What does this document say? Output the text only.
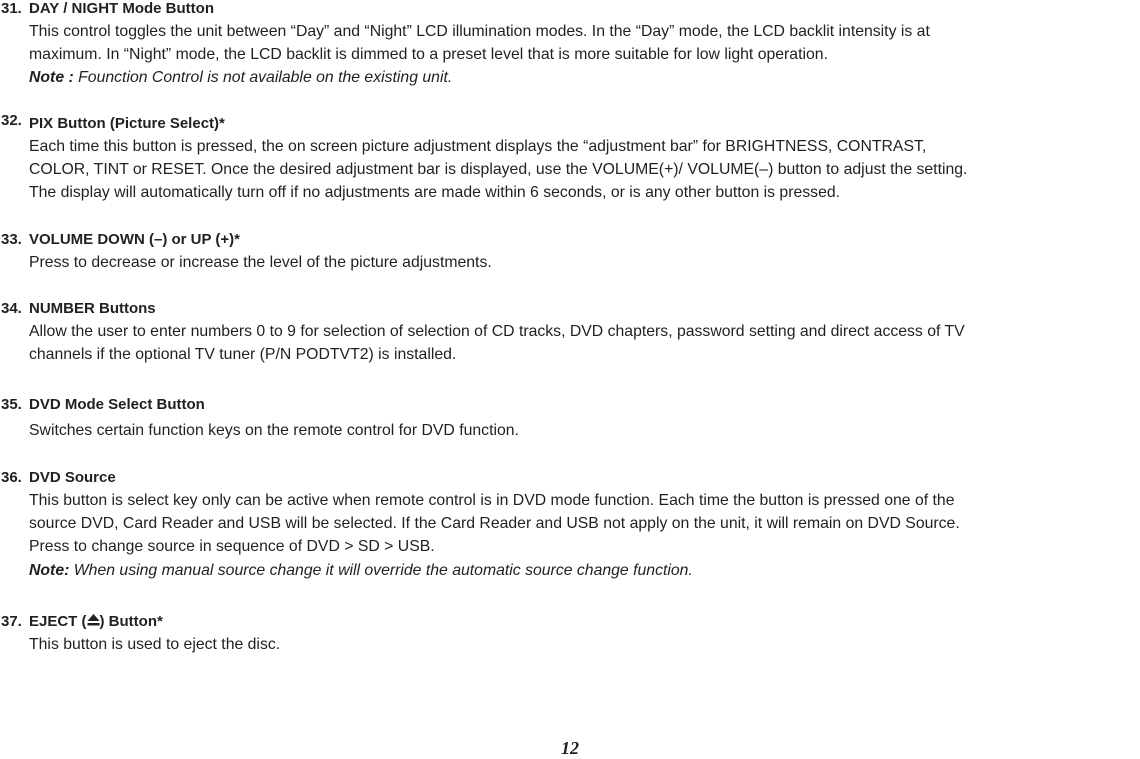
31. DAY / NIGHT Mode Button
This control toggles the unit between “Day” and “Night” LCD illumination modes. In the “Day” mode, the LCD backlit intensity is at
maximum. In “Night” mode, the LCD backlit is dimmed to a preset level that is more suitable for low light operation.
Note : Founction Control is not available on the existing unit.
32. PIX Button (Picture Select)*
Each time this button is pressed, the on screen picture adjustment displays the “adjustment bar” for BRIGHTNESS, CONTRAST,
COLOR, TINT or RESET. Once the desired adjustment bar is displayed, use the VOLUME(+)/ VOLUME(–) button to adjust the setting.
The display will automatically turn off if no adjustments are made within 6 seconds, or is any other button is pressed.
33. VOLUME DOWN (–) or UP (+)*
Press to decrease or increase the level of the picture adjustments.
34. NUMBER Buttons
Allow the user to enter numbers 0 to 9 for selection of selection of CD tracks, DVD chapters, password setting and direct access of TV
channels if the optional TV tuner (P/N PODTVT2) is installed.
35. DVD Mode Select Button
Switches certain function keys on the remote control for DVD function.
36. DVD Source
This button is select key only can be active when remote control is in DVD mode function. Each time the button is pressed one of the
source DVD, Card Reader and USB will be selected. If the Card Reader and USB not apply on the unit, it will remain on DVD Source.
Press to change source in sequence of DVD > SD > USB.
Note: When using manual source change it will override the automatic source change function.
37. EJECT ( ) Button*
This button is used to eject the disc.
12
